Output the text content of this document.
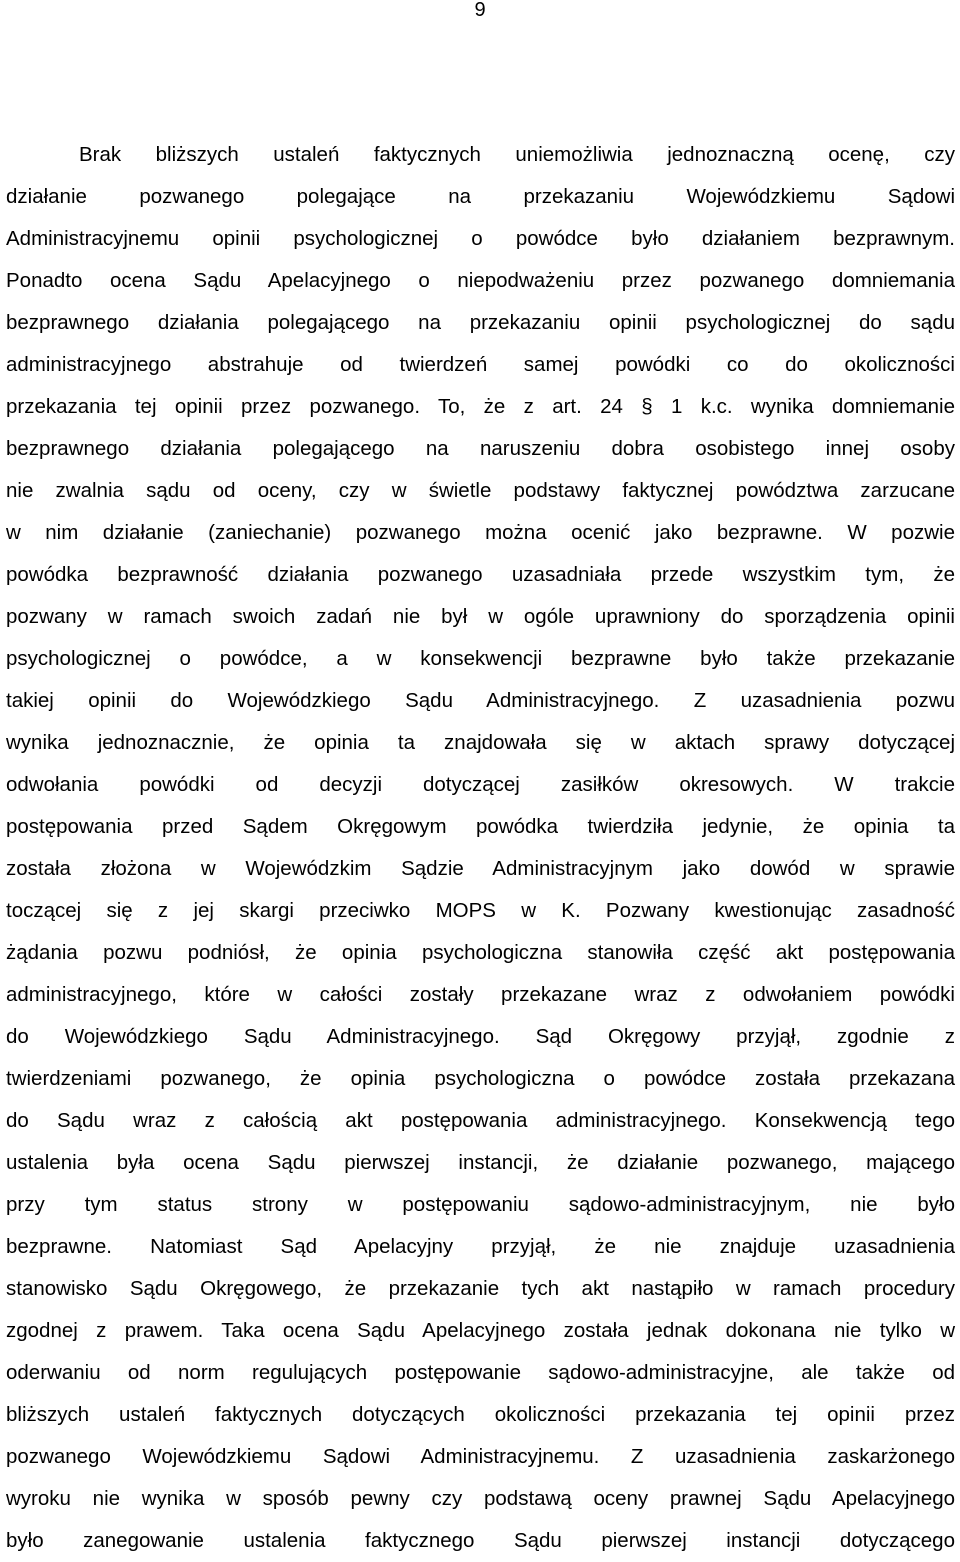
9
Brak bliższych ustaleń faktycznych uniemożliwia jednoznaczną ocenę, czy
działanie pozwanego polegające na przekazaniu Wojewódzkiemu Sądowi
Administracyjnemu opinii psychologicznej o powódce było działaniem bezprawnym.
Ponadto ocena Sądu Apelacyjnego o niepodważeniu przez pozwanego domniemania
bezprawnego działania polegającego na przekazaniu opinii psychologicznej do sądu
administracyjnego abstrahuje od twierdzeń samej powódki co do okoliczności
przekazania tej opinii przez pozwanego. To, że z art. 24 § 1 k.c. wynika domniemanie
bezprawnego działania polegającego na naruszeniu dobra osobistego innej osoby
nie zwalnia sądu od oceny, czy w świetle podstawy faktycznej powództwa zarzucane
w nim działanie (zaniechanie) pozwanego można ocenić jako bezprawne. W pozwie
powódka bezprawność działania pozwanego uzasadniała przede wszystkim tym, że
pozwany w ramach swoich zadań nie był w ogóle uprawniony do sporządzenia opinii
psychologicznej o powódce, a w konsekwencji bezprawne było także przekazanie
takiej opinii do Wojewódzkiego Sądu Administracyjnego. Z uzasadnienia pozwu
wynika jednoznacznie, że opinia ta znajdowała się w aktach sprawy dotyczącej
odwołania powódki od decyzji dotyczącej zasiłków okresowych. W trakcie
postępowania przed Sądem Okręgowym powódka twierdziła jedynie, że opinia ta
została złożona w Wojewódzkim Sądzie Administracyjnym jako dowód w sprawie
toczącej się z jej skargi przeciwko MOPS w K. Pozwany kwestionując zasadność
żądania pozwu podniósł, że opinia psychologiczna stanowiła część akt postępowania
administracyjnego, które w całości zostały przekazane wraz z odwołaniem powódki
do Wojewódzkiego Sądu Administracyjnego. Sąd Okręgowy przyjął, zgodnie z
twierdzeniami pozwanego, że opinia psychologiczna o powódce została przekazana
do Sądu wraz z całością akt postępowania administracyjnego. Konsekwencją tego
ustalenia była ocena Sądu pierwszej instancji, że działanie pozwanego, mającego
przy tym status strony w postępowaniu sądowo-administracyjnym, nie było
bezprawne. Natomiast Sąd Apelacyjny przyjął, że nie znajduje uzasadnienia
stanowisko Sądu Okręgowego, że przekazanie tych akt nastąpiło w ramach procedury
zgodnej z prawem. Taka ocena Sądu Apelacyjnego została jednak dokonana nie tylko w
oderwaniu od norm regulujących postępowanie sądowo-administracyjne, ale także od
bliższych ustaleń faktycznych dotyczących okoliczności przekazania tej opinii przez
pozwanego Wojewódzkiemu Sądowi Administracyjnemu. Z uzasadnienia zaskarżonego
wyroku nie wynika w sposób pewny czy podstawą oceny prawnej Sądu Apelacyjnego
było zanegowanie ustalenia faktycznego Sądu pierwszej instancji dotyczącego
